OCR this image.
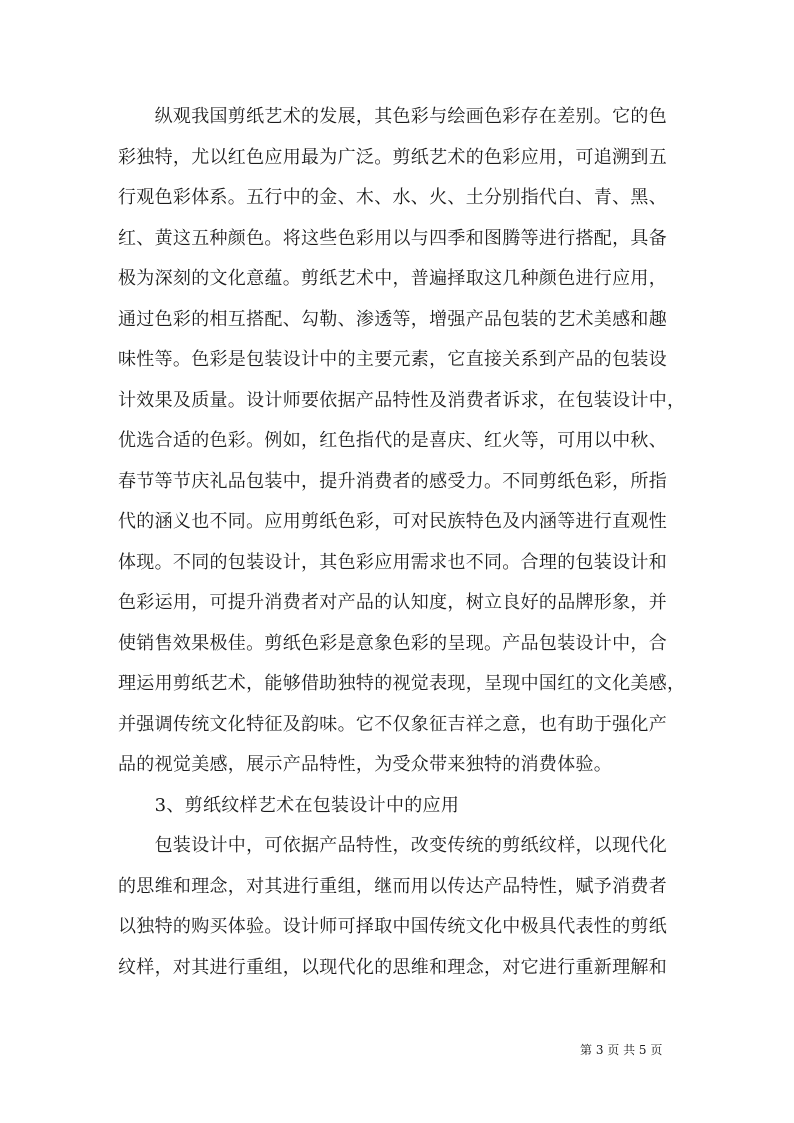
　　纵观我国剪纸艺术的发展，其色彩与绘画色彩存在差别。它的色
彩独特，尤以红色应用最为广泛。剪纸艺术的色彩应用，可追溯到五
行观色彩体系。五行中的金、木、水、火、土分别指代白、青、黑、
红、黄这五种颜色。将这些色彩用以与四季和图腾等进行搭配，具备
极为深刻的文化意蕴。剪纸艺术中，普遍择取这几种颜色进行应用，
通过色彩的相互搭配、勾勒、渗透等，增强产品包装的艺术美感和趣
味性等。色彩是包装设计中的主要元素，它直接关系到产品的包装设
计效果及质量。设计师要依据产品特性及消费者诉求，在包装设计中，
优选合适的色彩。例如，红色指代的是喜庆、红火等，可用以中秋、
春节等节庆礼品包装中，提升消费者的感受力。不同剪纸色彩，所指
代的涵义也不同。应用剪纸色彩，可对民族特色及内涵等进行直观性
体现。不同的包装设计，其色彩应用需求也不同。合理的包装设计和
色彩运用，可提升消费者对产品的认知度，树立良好的品牌形象，并
使销售效果极佳。剪纸色彩是意象色彩的呈现。产品包装设计中，合
理运用剪纸艺术，能够借助独特的视觉表现，呈现中国红的文化美感，
并强调传统文化特征及韵味。它不仅象征吉祥之意，也有助于强化产
品的视觉美感，展示产品特性，为受众带来独特的消费体验。
　　3、剪纸纹样艺术在包装设计中的应用
　　包装设计中，可依据产品特性，改变传统的剪纸纹样，以现代化
的思维和理念，对其进行重组，继而用以传达产品特性，赋予消费者
以独特的购买体验。设计师可择取中国传统文化中极具代表性的剪纸
纹样，对其进行重组，以现代化的思维和理念，对它进行重新理解和
第 3 页 共 5 页
